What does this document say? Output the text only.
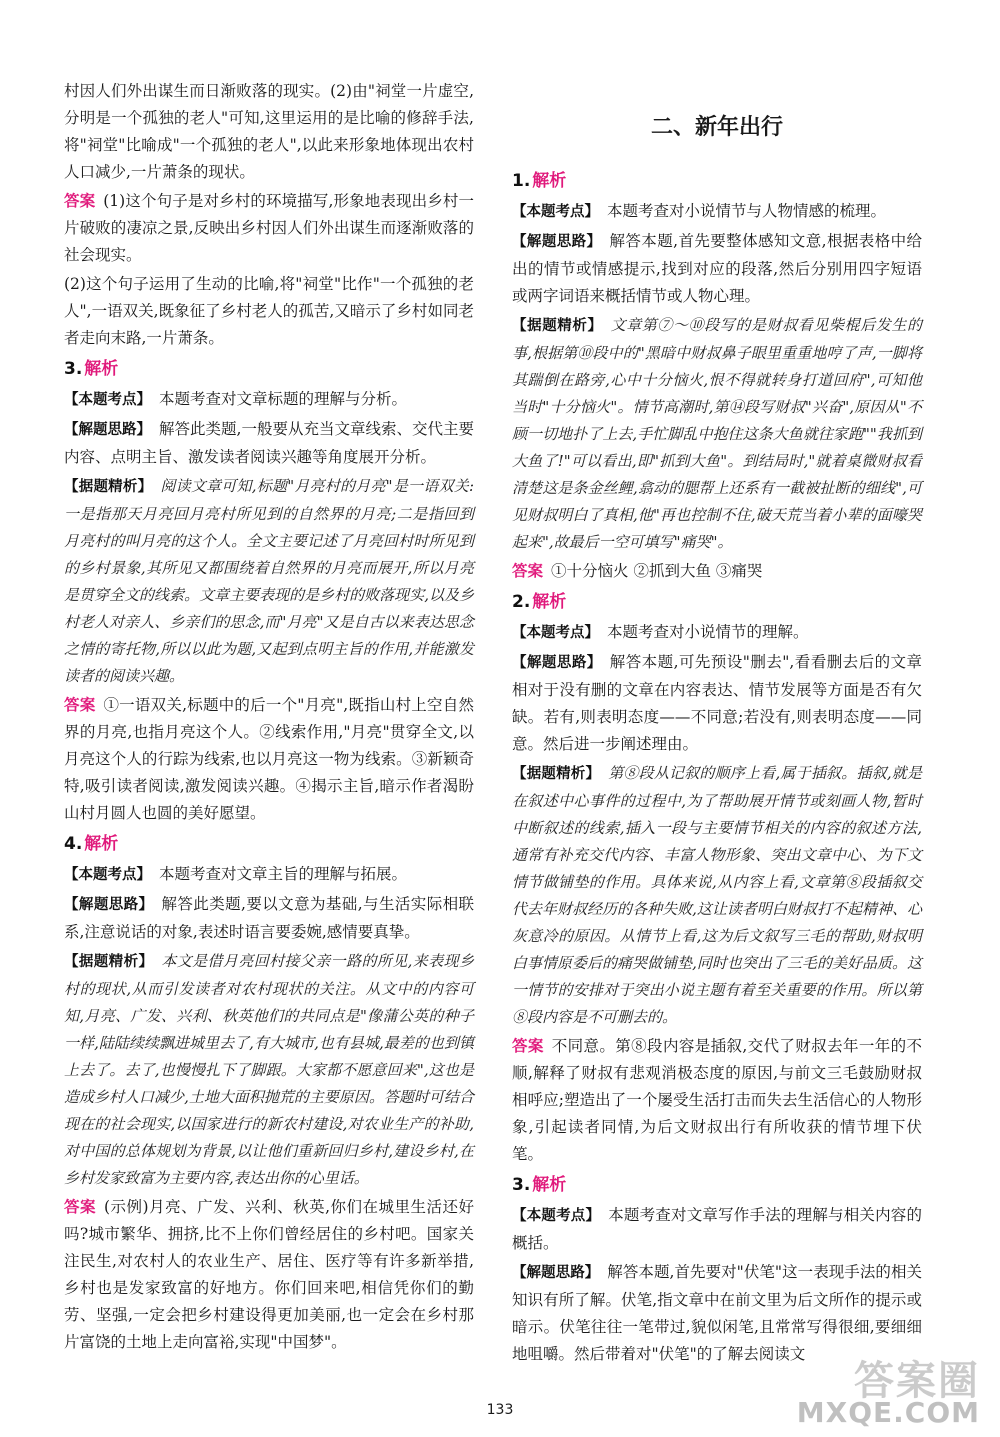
村因人们外出谋生而日渐败落的现实。(2)由"祠堂一片虚空,分明是一个孤独的老人"可知,这里运用的是比喻的修辞手法,将"祠堂"比喻成"一个孤独的老人",以此来形象地体现出农村人口减少,一片萧条的现状。

答案 (1)这个句子是对乡村的环境描写,形象地表现出乡村一片破败的凄凉之景,反映出乡村因人们外出谋生而逐渐败落的社会现实。

(2)这个句子运用了生动的比喻,将"祠堂"比作"一个孤独的老人",一语双关,既象征了乡村老人的孤苦,又暗示了乡村如同老者走向末路,一片萧条。

3. 解析

【本题考点】 本题考查对文章标题的理解与分析。

【解题思路】 解答此类题,一般要从充当文章线索、交代主要内容、点明主旨、激发读者阅读兴趣等角度展开分析。

【据题精析】 阅读文章可知,标题"月亮村的月亮"是一语双关:一是指那天月亮回月亮村所见到的自然界的月亮;二是指回到月亮村的叫月亮的这个人。全文主要记述了月亮回村时所见到的乡村景象,其所见又都围绕着自然界的月亮而展开,所以月亮是贯穿全文的线索。文章主要表现的是乡村的败落现实,以及乡村老人对亲人、乡亲们的思念,而"月亮"又是自古以来表达思念之情的寄托物,所以以此为题,又起到点明主旨的作用,并能激发读者的阅读兴趣。

答案 ①一语双关,标题中的后一个"月亮",既指山村上空自然界的月亮,也指月亮这个人。②线索作用,"月亮"贯穿全文,以月亮这个人的行踪为线索,也以月亮这一物为线索。③新颖奇特,吸引读者阅读,激发阅读兴趣。④揭示主旨,暗示作者渴盼山村月圆人也圆的美好愿望。

4. 解析

【本题考点】 本题考查对文章主旨的理解与拓展。

【解题思路】 解答此类题,要以文意为基础,与生活实际相联系,注意说话的对象,表述时语言要委婉,感情要真挚。

【据题精析】 本文是借月亮回村接父亲一路的所见,来表现乡村的现状,从而引发读者对农村现状的关注。从文中的内容可知,月亮、广发、兴利、秋英他们的共同点是"像蒲公英的种子一样,陆陆续续飘进城里去了,有大城市,也有县城,最差的也到镇上去了。去了,也慢慢扎下了脚跟。大家都不愿意回来",这也是造成乡村人口减少,土地大面积抛荒的主要原因。答题时可结合现在的社会现实,以国家进行的新农村建设,对农业生产的补助,对中国的总体规划为背景,以让他们重新回归乡村,建设乡村,在乡村发家致富为主要内容,表达出你的心里话。

答案 (示例)月亮、广发、兴利、秋英,你们在城里生活还好吗?城市繁华、拥挤,比不上你们曾经居住的乡村吧。国家关注民生,对农村人的农业生产、居住、医疗等有许多新举措,乡村也是发家致富的好地方。你们回来吧,相信凭你们的勤劳、坚强,一定会把乡村建设得更加美丽,也一定会在乡村那片富饶的土地上走向富裕,实现"中国梦"。

二、新年出行
1. 解析

【本题考点】 本题考查对小说情节与人物情感的梳理。

【解题思路】 解答本题,首先要整体感知文意,根据表格中给出的情节或情感提示,找到对应的段落,然后分别用四字短语或两字词语来概括情节或人物心理。

【据题精析】 文章第⑦～⑩段写的是财叔看见柴棍后发生的事,根据第⑩段中的"黑暗中财叔鼻子眼里重重地哼了声,一脚将其踹倒在路旁,心中十分恼火,恨不得就转身打道回府",可知他当时"十分恼火"。情节高潮时,第⑭段写财叔"兴奋",原因从"不顾一切地扑了上去,手忙脚乱中抱住这条大鱼就往家跑""我抓到大鱼了!"可以看出,即"抓到大鱼"。到结局时,"就着桌微财叔看清楚这是条金丝鲤,翕动的腮帮上还系有一截被扯断的细线",可见财叔明白了真相,他"再也控制不住,破天荒当着小辈的面嚎哭起来",故最后一空可填写"痛哭"。

答案 ①十分恼火 ②抓到大鱼 ③痛哭

2. 解析

【本题考点】 本题考查对小说情节的理解。

【解题思路】 解答本题,可先预设"删去",看看删去后的文章相对于没有删的文章在内容表达、情节发展等方面是否有欠缺。若有,则表明态度——不同意;若没有,则表明态度——同意。然后进一步阐述理由。

【据题精析】 第⑧段从记叙的顺序上看,属于插叙。插叙,就是在叙述中心事件的过程中,为了帮助展开情节或刻画人物,暂时中断叙述的线索,插入一段与主要情节相关的内容的叙述方法,通常有补充交代内容、丰富人物形象、突出文章中心、为下文情节做铺垫的作用。具体来说,从内容上看,文章第⑧段插叙交代去年财叔经历的各种失败,这让读者明白财叔打不起精神、心灰意冷的原因。从情节上看,这为后文叙写三毛的帮助,财叔明白事情原委后的痛哭做铺垫,同时也突出了三毛的美好品质。这一情节的安排对于突出小说主题有着至关重要的作用。所以第⑧段内容是不可删去的。

答案 不同意。第⑧段内容是插叙,交代了财叔去年一年的不顺,解释了财叔有悲观消极态度的原因,与前文三毛鼓励财叔相呼应;塑造出了一个屡受生活打击而失去生活信心的人物形象,引起读者同情,为后文财叔出行有所收获的情节埋下伏笔。

3. 解析

【本题考点】 本题考查对文章写作手法的理解与相关内容的概括。

【解题思路】 解答本题,首先要对"伏笔"这一表现手法的相关知识有所了解。伏笔,指文章中在前文里为后文所作的提示或暗示。伏笔往往一笔带过,貌似闲笔,且常常写得很细,要细细地咀嚼。然后带着对"伏笔"的了解去阅读文

133
答案圈
MXQE.COM
